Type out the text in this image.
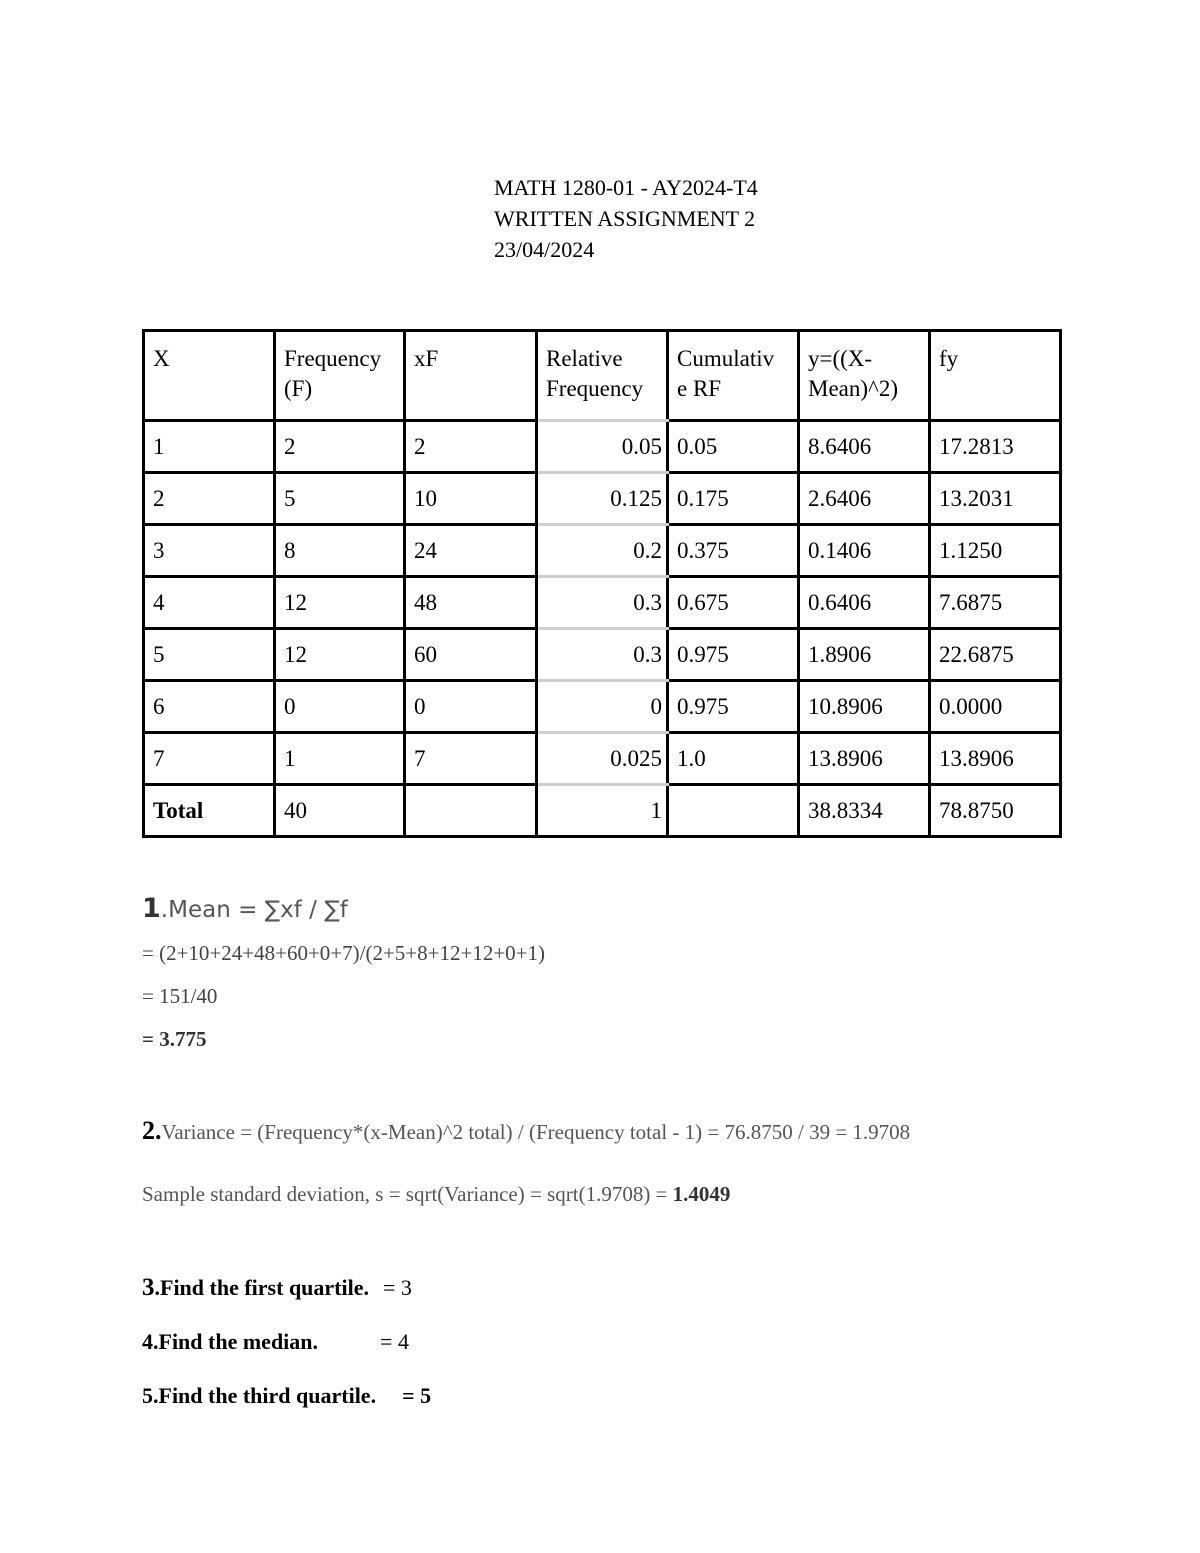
MATH 1280-01 - AY2024-T4
WRITTEN ASSIGNMENT 2
23/04/2024
X	Frequency (F)	xF	Relative Frequency	Cumulativ e RF	y=((X-Mean)^2)	fy
1	2	2	0.05	0.05	8.6406	17.2813
2	5	10	0.125	0.175	2.6406	13.2031
3	8	24	0.2	0.375	0.1406	1.1250
4	12	48	0.3	0.675	0.6406	7.6875
5	12	60	0.3	0.975	1.8906	22.6875
6	0	0	0	0.975	10.8906	0.0000
7	1	7	0.025	1.0	13.8906	13.8906
Total	40		1		38.8334	78.8750
1.Mean = ∑xf / ∑f
= (2+10+24+48+60+0+7)/(2+5+8+12+12+0+1)
= 151/40
= 3.775
2.Variance = (Frequency*(x-Mean)^2 total) / (Frequency total - 1) = 76.8750 / 39 = 1.9708
Sample standard deviation, s = sqrt(Variance) = sqrt(1.9708) = 1.4049
3.Find the first quartile. = 3
4.Find the median.	= 4
5.Find the third quartile. = 5
